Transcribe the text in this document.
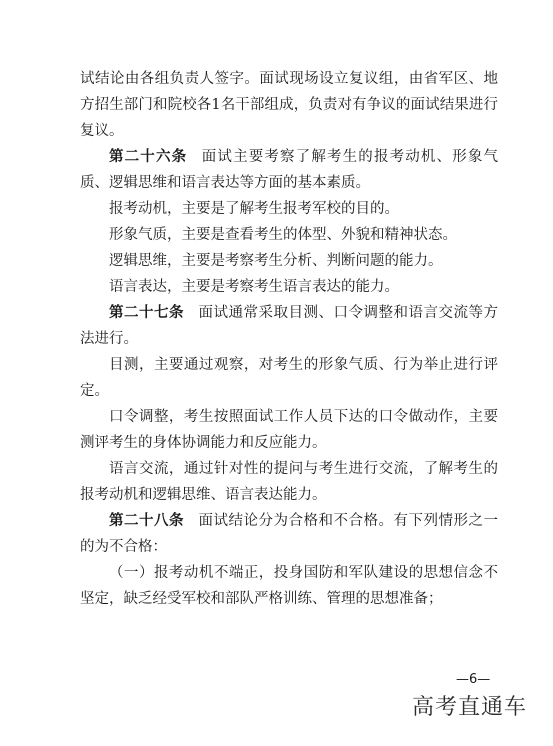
试结论由各组负责人签字。面试现场设立复议组，由省军区、地方招生部门和院校各1名干部组成，负责对有争议的面试结果进行复议。

第二十六条 面试主要考察了解考生的报考动机、形象气质、逻辑思维和语言表达等方面的基本素质。

报考动机，主要是了解考生报考军校的目的。

形象气质，主要是查看考生的体型、外貌和精神状态。

逻辑思维，主要是考察考生分析、判断问题的能力。

语言表达，主要是考察考生语言表达的能力。

第二十七条 面试通常采取目测、口令调整和语言交流等方法进行。

目测，主要通过观察，对考生的形象气质、行为举止进行评定。

口令调整，考生按照面试工作人员下达的口令做动作，主要测评考生的身体协调能力和反应能力。

语言交流，通过针对性的提问与考生进行交流，了解考生的报考动机和逻辑思维、语言表达能力。

第二十八条 面试结论分为合格和不合格。有下列情形之一的为不合格：

（一）报考动机不端正，投身国防和军队建设的思想信念不坚定，缺乏经受军校和部队严格训练、管理的思想准备；

—6—
高考直通车
